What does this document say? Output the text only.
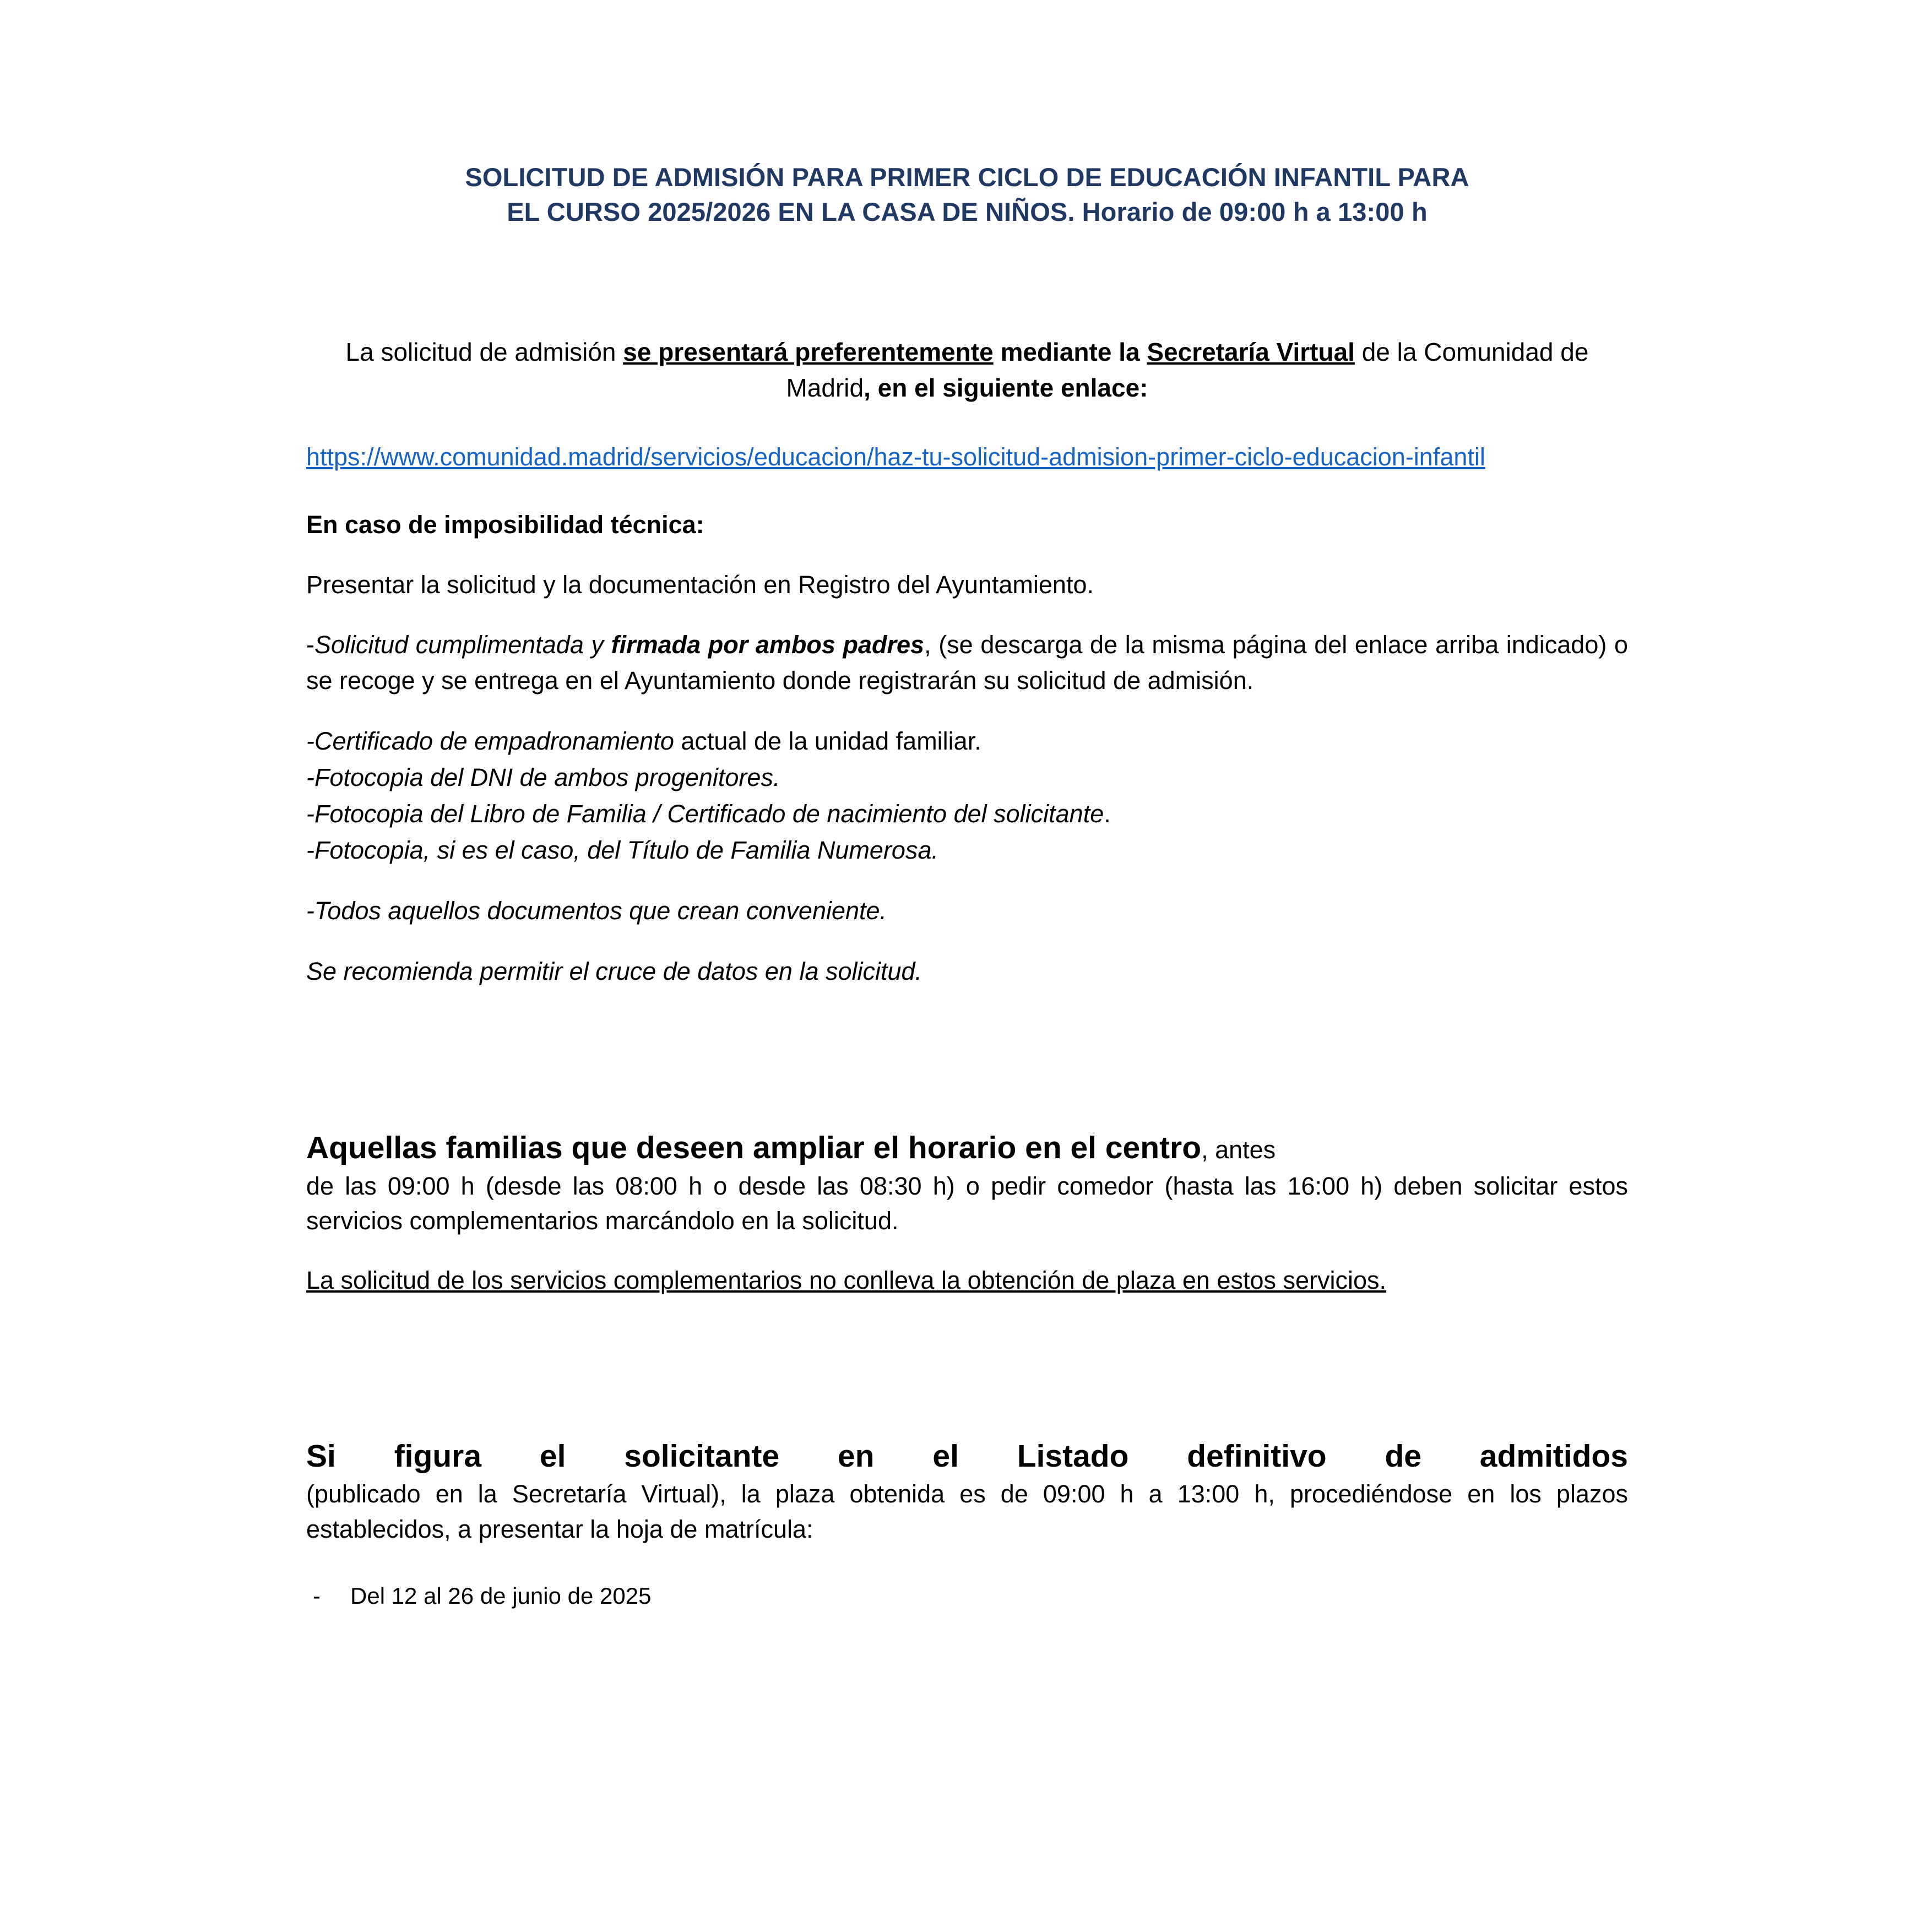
SOLICITUD DE ADMISIÓN PARA PRIMER CICLO DE EDUCACIÓN INFANTIL PARA
EL CURSO 2025/2026 EN LA CASA DE NIÑOS. Horario de 09:00 h a 13:00 h
La solicitud de admisión se presentará preferentemente mediante la Secretaría Virtual de la Comunidad de Madrid, en el siguiente enlace:
https://www.comunidad.madrid/servicios/educacion/haz-tu-solicitud-admision-primer-ciclo-educacion-infantil
En caso de imposibilidad técnica:
Presentar la solicitud y la documentación en Registro del Ayuntamiento.
-Solicitud cumplimentada y firmada por ambos padres, (se descarga de la misma página del enlace arriba indicado) o se recoge y se entrega en el Ayuntamiento donde registrarán su solicitud de admisión.
-Certificado de empadronamiento actual de la unidad familiar.
-Fotocopia del DNI de ambos progenitores.
-Fotocopia del Libro de Familia / Certificado de nacimiento del solicitante.
-Fotocopia, si es el caso, del Título de Familia Numerosa.
-Todos aquellos documentos que crean conveniente.
Se recomienda permitir el cruce de datos en la solicitud.
Aquellas familias que deseen ampliar el horario en el centro, antes
de las 09:00 h (desde las 08:00 h o desde las 08:30 h) o pedir comedor (hasta las 16:00 h) deben solicitar estos servicios complementarios marcándolo en la solicitud.
La solicitud de los servicios complementarios no conlleva la obtención de plaza en estos servicios.
Si figura el solicitante en el Listado definitivo de admitidos
(publicado en la Secretaría Virtual), la plaza obtenida es de 09:00 h a 13:00 h, procediéndose en los plazos establecidos, a presentar la hoja de matrícula:
- Del 12 al 26 de junio de 2025
